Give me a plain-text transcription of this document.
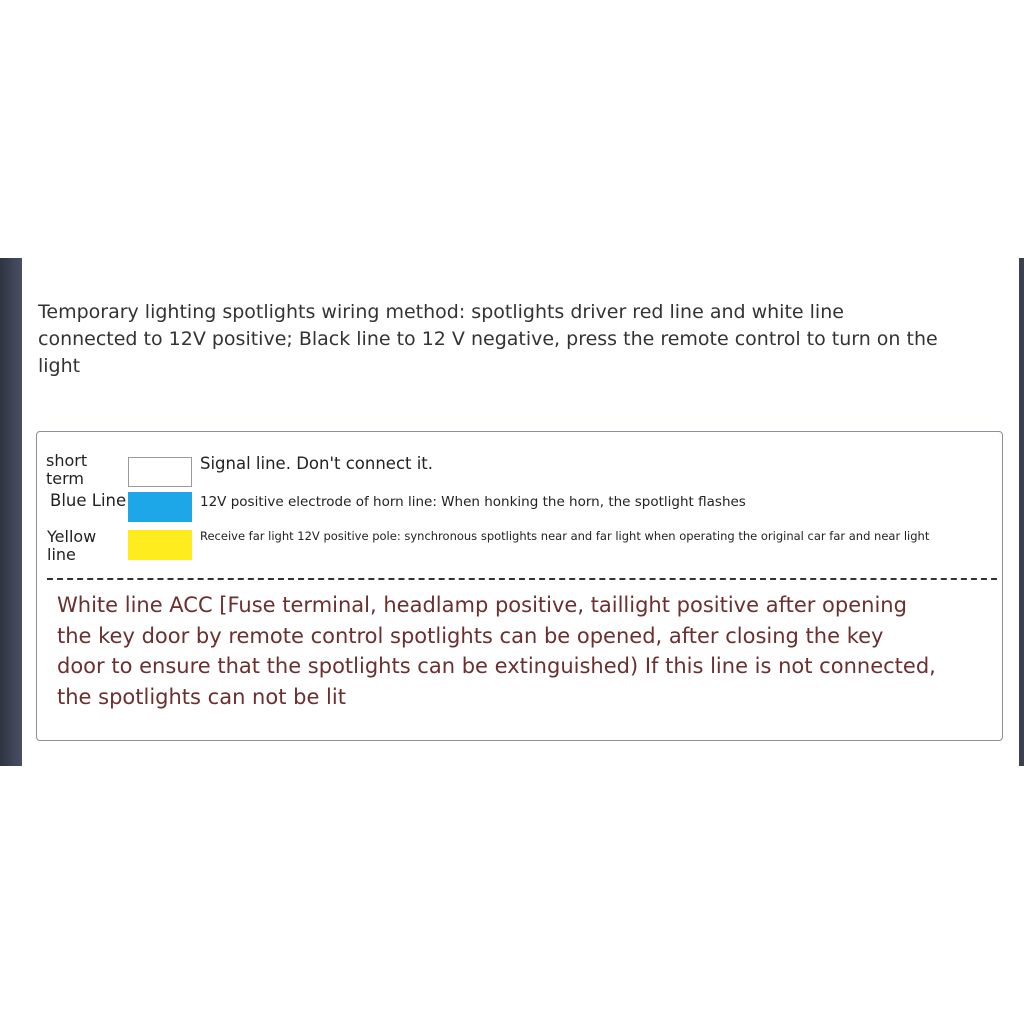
Temporary lighting spotlights wiring method: spotlights driver red line and white line connected to 12V positive; Black line to 12 V negative, press the remote control to turn on the light

short term
Signal line. Don't connect it.
Blue Line	12V positive electrode of horn line: When honking the horn, the spotlight flashes
Yellow line
Receive far light 12V positive pole: synchronous spotlights near and far light when operating the original car far and near light

White line ACC [Fuse terminal, headlamp positive, taillight positive after opening the key door by remote control spotlights can be opened, after closing the key door to ensure that the spotlights can be extinguished) If this line is not connected, the spotlights can not be lit
